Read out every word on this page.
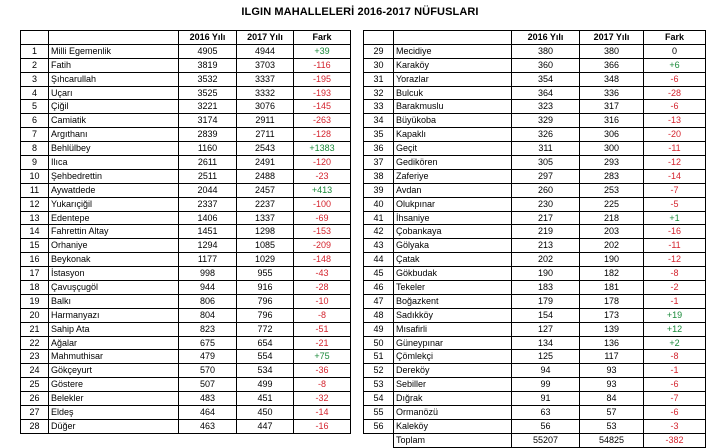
ILGIN MAHALLELERİ 2016-2017 NÜFUSLARI
		2016 Yılı	2017 Yılı	Fark
1	Milli Egemenlik	4905	4944	+39
2	Fatih	3819	3703	-116
3	Şıhcarullah	3532	3337	-195
4	Uçarı	3525	3332	-193
5	Çiğil	3221	3076	-145
6	Camiatik	3174	2911	-263
7	Argıthanı	2839	2711	-128
8	Behlülbey	1160	2543	+1383
9	Ilıca	2611	2491	-120
10	Şehbedrettin	2511	2488	-23
11	Aywatdede	2044	2457	+413
12	Yukarıçiğil	2337	2237	-100
13	Edentepe	1406	1337	-69
14	Fahrettin Altay	1451	1298	-153
15	Orhaniye	1294	1085	-209
16	Beykonak	1177	1029	-148
17	İstasyon	998	955	-43
18	Çavuşçugöl	944	916	-28
19	Balkı	806	796	-10
20	Harmanyazı	804	796	-8
21	Sahip Ata	823	772	-51
22	Ağalar	675	654	-21
23	Mahmuthisar	479	554	+75
24	Gökçeyurt	570	534	-36
25	Göstere	507	499	-8
26	Belekler	483	451	-32
27	Eldeş	464	450	-14
28	Düğer	463	447	-16
		2016 Yılı	2017 Yılı	Fark
29	Mecidiye	380	380	0
30	Karaköy	360	366	+6
31	Yorazlar	354	348	-6
32	Bulcuk	364	336	-28
33	Barakmuslu	323	317	-6
34	Büyükoba	329	316	-13
35	Kapaklı	326	306	-20
36	Geçit	311	300	-11
37	Gedikören	305	293	-12
38	Zaferiye	297	283	-14
39	Avdan	260	253	-7
40	Olukpınar	230	225	-5
41	İhsaniye	217	218	+1
42	Çobankaya	219	203	-16
43	Gölyaka	213	202	-11
44	Çatak	202	190	-12
45	Gökbudak	190	182	-8
46	Tekeler	183	181	-2
47	Boğazkent	179	178	-1
48	Sadıkköy	154	173	+19
49	Mısafirli	127	139	+12
50	Güneypınar	134	136	+2
51	Çömlekçi	125	117	-8
52	Dereköy	94	93	-1
53	Sebiller	99	93	-6
54	Dığrak	91	84	-7
55	Ormanözü	63	57	-6
56	Kaleköy	56	53	-3
	Toplam	55207	54825	-382
